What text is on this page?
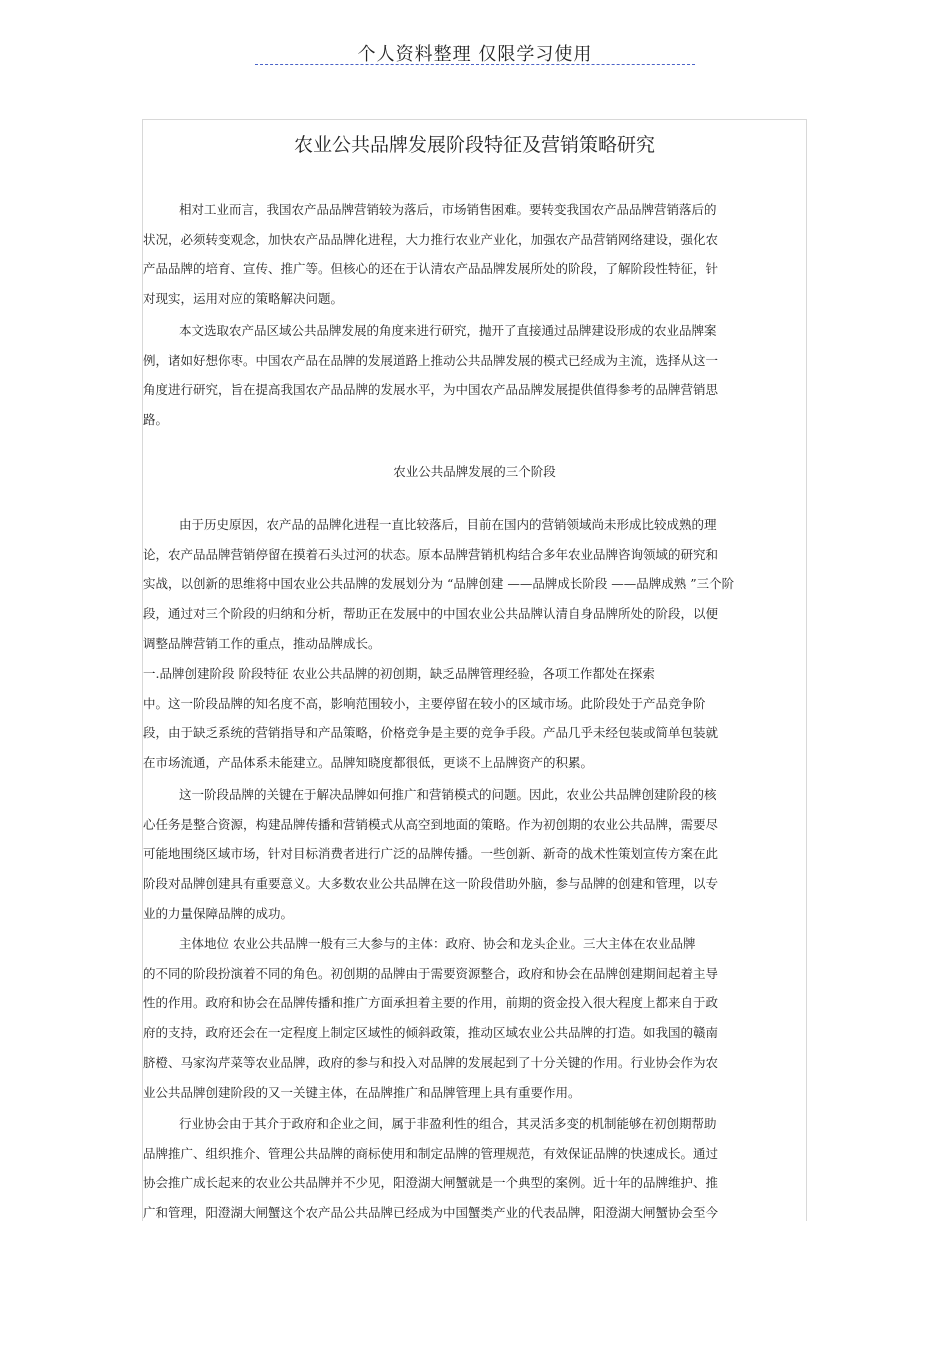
个人资料整理 仅限学习使用
农业公共品牌发展阶段特征及营销策略研究

相对工业而言，我国农产品品牌营销较为落后，市场销售困难。要转变我国农产品品牌营销落后的

状况，必须转变观念，加快农产品品牌化进程，大力推行农业产业化，加强农产品营销网络建设，强化农

产品品牌的培育、宣传、推广等。但核心的还在于认清农产品品牌发展所处的阶段，了解阶段性特征，针

对现实，运用对应的策略解决问题。

本文选取农产品区域公共品牌发展的角度来进行研究，抛开了直接通过品牌建设形成的农业品牌案

例，诸如好想你枣。中国农产品在品牌的发展道路上推动公共品牌发展的模式已经成为主流，选择从这一

角度进行研究，旨在提高我国农产品品牌的发展水平，为中国农产品品牌发展提供值得参考的品牌营销思

路。

农业公共品牌发展的三个阶段

由于历史原因，农产品的品牌化进程一直比较落后，目前在国内的营销领域尚未形成比较成熟的理

论，农产品品牌营销停留在摸着石头过河的状态。原本品牌营销机构结合多年农业品牌咨询领域的研究和

实战，以创新的思维将中国农业公共品牌的发展划分为 “品牌创建 ——品牌成长阶段 ——品牌成熟 ”三个阶

段，通过对三个阶段的归纳和分析，帮助正在发展中的中国农业公共品牌认清自身品牌所处的阶段，以便

调整品牌营销工作的重点，推动品牌成长。

一.品牌创建阶段 阶段特征 农业公共品牌的初创期，缺乏品牌管理经验，各项工作都处在探索

中。这一阶段品牌的知名度不高，影响范围较小，主要停留在较小的区域市场。此阶段处于产品竞争阶

段，由于缺乏系统的营销指导和产品策略，价格竞争是主要的竞争手段。产品几乎未经包装或简单包装就

在市场流通，产品体系未能建立。品牌知晓度都很低，更谈不上品牌资产的积累。

这一阶段品牌的关键在于解决品牌如何推广和营销模式的问题。因此，农业公共品牌创建阶段的核

心任务是整合资源，构建品牌传播和营销模式从高空到地面的策略。作为初创期的农业公共品牌，需要尽

可能地围绕区域市场，针对目标消费者进行广泛的品牌传播。一些创新、新奇的战术性策划宣传方案在此

阶段对品牌创建具有重要意义。大多数农业公共品牌在这一阶段借助外脑，参与品牌的创建和管理，以专

业的力量保障品牌的成功。

主体地位 农业公共品牌一般有三大参与的主体：政府、协会和龙头企业。三大主体在农业品牌

的不同的阶段扮演着不同的角色。初创期的品牌由于需要资源整合，政府和协会在品牌创建期间起着主导

性的作用。政府和协会在品牌传播和推广方面承担着主要的作用，前期的资金投入很大程度上都来自于政

府的支持，政府还会在一定程度上制定区域性的倾斜政策，推动区域农业公共品牌的打造。如我国的赣南

脐橙、马家沟芹菜等农业品牌，政府的参与和投入对品牌的发展起到了十分关键的作用。行业协会作为农

业公共品牌创建阶段的又一关键主体，在品牌推广和品牌管理上具有重要作用。

行业协会由于其介于政府和企业之间，属于非盈利性的组合，其灵活多变的机制能够在初创期帮助

品牌推广、组织推介、管理公共品牌的商标使用和制定品牌的管理规范，有效保证品牌的快速成长。通过

协会推广成长起来的农业公共品牌并不少见，阳澄湖大闸蟹就是一个典型的案例。近十年的品牌维护、推

广和管理，阳澄湖大闸蟹这个农产品公共品牌已经成为中国蟹类产业的代表品牌，阳澄湖大闸蟹协会至今
